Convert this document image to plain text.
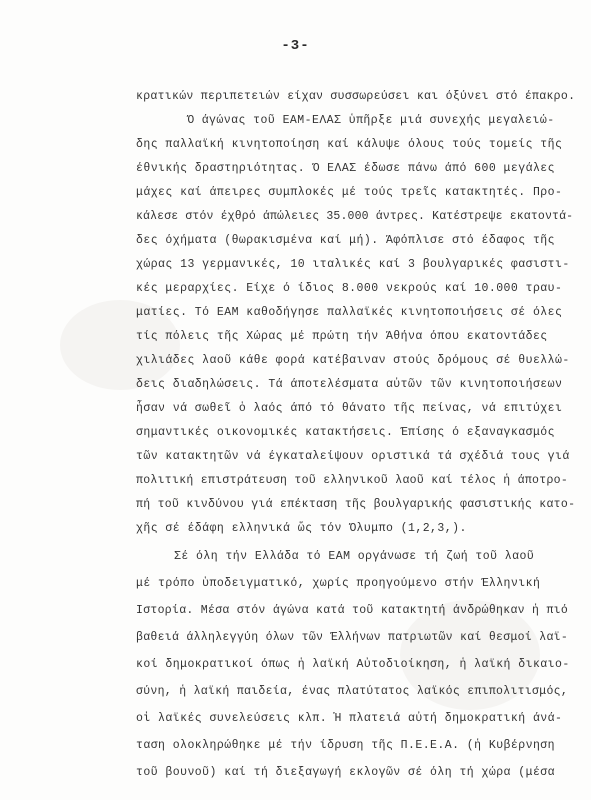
-3-
κρατικών περιπετειών είχαν συσσωρεύσει και όξύνει στό έπακρο.
Ό άγώνας τοῦ ΕΑΜ-ΕΛΑΣ ὑπῆρξε μιά συνεχής μεγαλειώ-
δης παλλαϊκή κινητοποίηση καί κάλυψε όλους τούς τομείς τῆς
έθνικής δραστηριότητας. Ό ΕΛΑΣ έδωσε πάνω άπό 600 μεγάλες
μάχες καί άπειρες συμπλοκές μέ τούς τρεῖς κατακτητές. Προ-
κάλεσε στόν έχθρό άπώλειες 35.000 άντρες. Κατέστρεψε εκατοντά-
δες όχήματα (θωρακισμένα καί μή). Άφόπλισε στό έδαφος τῆς
χώρας 13 γερμανικές, 10 ιταλικές καί 3 βουλγαρικές φασιστι-
κές μεραρχίες. Είχε ό ίδιος 8.000 νεκρούς καί 10.000 τραυ-
ματίες. Τό ΕΑΜ καθοδήγησε παλλαϊκές κινητοποιήσεις σέ όλες
τίς πόλεις τῆς Χώρας μέ πρώτη τήν Άθήνα όπου εκατοντάδες
χιλιάδες λαοῦ κάθε φορά κατέβαιναν στούς δρόμους σέ θυελλώ-
δεις διαδηλώσεις. Τά άποτελέσματα αὐτῶν τῶν κινητοποιήσεων
ἦσαν νά σωθεῖ ὁ λαός άπό τό θάνατο τῆς πείνας, νά επιτύχει
σημαντικές οικονομικές κατακτήσεις. Έπίσης ό εξαναγκασμός
τῶν κατακτητῶν νά έγκαταλείψουν οριστικά τά σχέδιά τους γιά
πολιτική επιστράτευση τοῦ ελληνικοῦ λαοῦ καί τέλος ἡ άποτρο-
πή τοῦ κινδύνου γιά επέκταση τῆς βουλγαρικής φασιστικής κατο-
χῆς σέ έδάφη ελληνικά ὥς τόν Όλυμπο (1,2,3,).
Σέ όλη τήν Ελλάδα τό ΕΑΜ οργάνωσε τή ζωή τοῦ λαοῦ
μέ τρόπο ὑποδειγματικό, χωρίς προηγούμενο στήν Έλληνική
Ιστορία. Μέσα στόν άγώνα κατά τοῦ κατακτητή άνδρώθηκαν ἡ πιό
βαθειά άλληλεγγύη όλων τῶν Έλλήνων πατριωτῶν καί θεσμοί λαϊ-
κοί δημοκρατικοί όπως ἡ λαϊκή Αὐτοδιοίκηση, ἡ λαϊκή δικαιο-
σύνη, ἡ λαϊκή παιδεία, ένας πλατύτατος λαϊκός επιπολιτισμός,
οἱ λαϊκές συνελεύσεις κλπ. Ἡ πλατειά αὐτή δημοκρατική άνά-
ταση ολοκληρώθηκε μέ τήν ίδρυση τῆς Π.Ε.Ε.Α. (ἡ Κυβέρνηση
τοῦ βουνοῦ) καί τή διεξαγωγή εκλογῶν σέ όλη τή χώρα (μέσα
